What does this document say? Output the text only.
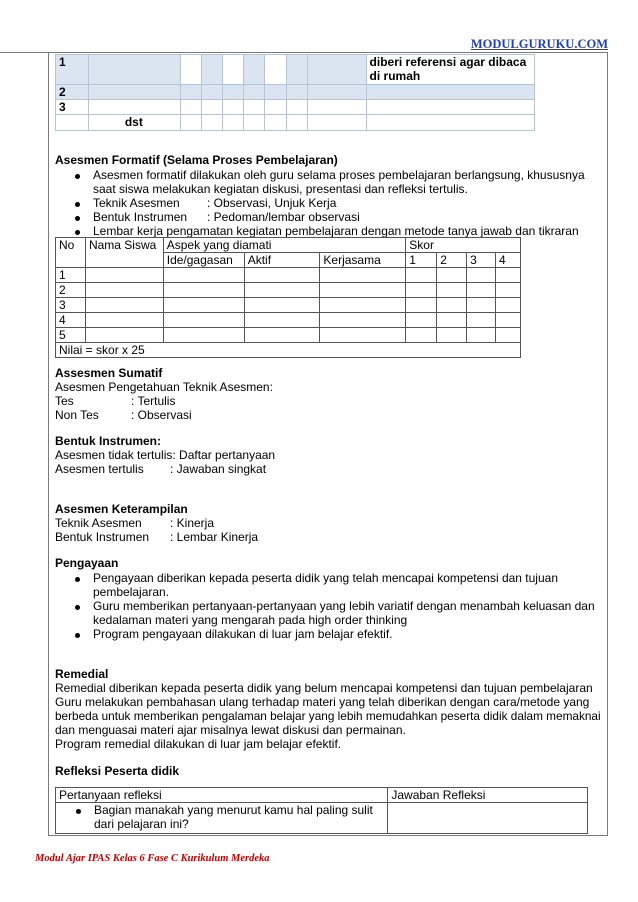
MODULGURUKU.COM
1									diberi referensi agar dibaca
di rumah

2									
3									
	dst								
Asesmen Formatif (Selama Proses Pembelajaran)
Asesmen formatif dilakukan oleh guru selama proses pembelajaran berlangsung, khususnya
saat siswa melakukan kegiatan diskusi, presentasi dan refleksi tertulis.
Teknik Asesmen : Observasi, Unjuk Kerja
Bentuk Instrumen : Pedoman/lembar observasi
Lembar kerja pengamatan kegiatan pembelajaran dengan metode tanya jawab dan tikraran
No	Nama Siswa	Aspek yang diamati			Skor			
		Ide/gagasan	Aktif	Kerjasama	1	2	3	4
1								
2								
3								
4								
5								
Nilai = skor x 25								
Assesmen Sumatif
Asesmen Pengetahuan Teknik Asesmen:
Tes	: Tertulis
Non Tes	: Observasi
Bentuk Instrumen:
Asesmen tidak tertulis: Daftar pertanyaan
Asesmen tertulis : Jawaban singkat
Asesmen Keterampilan
Teknik Asesmen : Kinerja
Bentuk Instrumen : Lembar Kinerja
Pengayaan
Pengayaan diberikan kepada peserta didik yang telah mencapai kompetensi dan tujuan
pembelajaran.
Guru memberikan pertanyaan-pertanyaan yang lebih variatif dengan menambah keluasan dan
kedalaman materi yang mengarah pada high order thinking
Program pengayaan dilakukan di luar jam belajar efektif.
Remedial
Remedial diberikan kepada peserta didik yang belum mencapai kompetensi dan tujuan pembelajaran
Guru melakukan pembahasan ulang terhadap materi yang telah diberikan dengan cara/metode yang
berbeda untuk memberikan pengalaman belajar yang lebih memudahkan peserta didik dalam memaknai
dan menguasai materi ajar misalnya lewat diskusi dan permainan.
Program remedial dilakukan di luar jam belajar efektif.
Refleksi Peserta didik
Pertanyaan refleksi	Jawaban Refleksi

Bagian manakah yang menurut kamu hal paling sulit
dari pelajaran ini?	

Modul Ajar IPAS Kelas 6 Fase C Kurikulum Merdeka
